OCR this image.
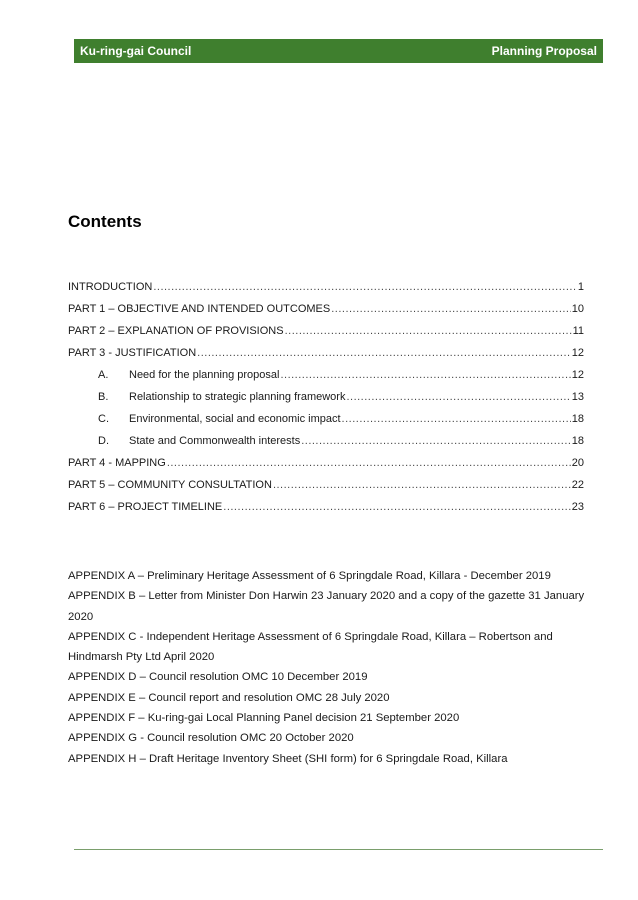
Ku-ring-gai Council	Planning Proposal
Contents
INTRODUCTION .....	1
PART 1 – OBJECTIVE AND INTENDED OUTCOMES .....	10
PART 2 – EXPLANATION OF PROVISIONS .....	11
PART 3 - JUSTIFICATION .....	12
A.	Need for the planning proposal .....	12
B.	Relationship to strategic planning framework .....	13
C.	Environmental, social and economic impact .....	18
D.	State and Commonwealth interests .....	18
PART 4 - MAPPING .....	20
PART 5 – COMMUNITY CONSULTATION .....	22
PART 6 – PROJECT TIMELINE .....	23
APPENDIX A – Preliminary Heritage Assessment of 6 Springdale Road, Killara - December 2019
APPENDIX B – Letter from Minister Don Harwin 23 January 2020 and a copy of the gazette 31 January 2020
APPENDIX C - Independent Heritage Assessment of 6 Springdale Road, Killara – Robertson and Hindmarsh Pty Ltd April 2020
APPENDIX D – Council resolution OMC 10 December 2019
APPENDIX E – Council report and resolution OMC 28 July 2020
APPENDIX F – Ku-ring-gai Local Planning Panel decision 21 September 2020
APPENDIX G - Council resolution OMC 20 October 2020
APPENDIX H – Draft Heritage Inventory Sheet (SHI form) for 6 Springdale Road, Killara
